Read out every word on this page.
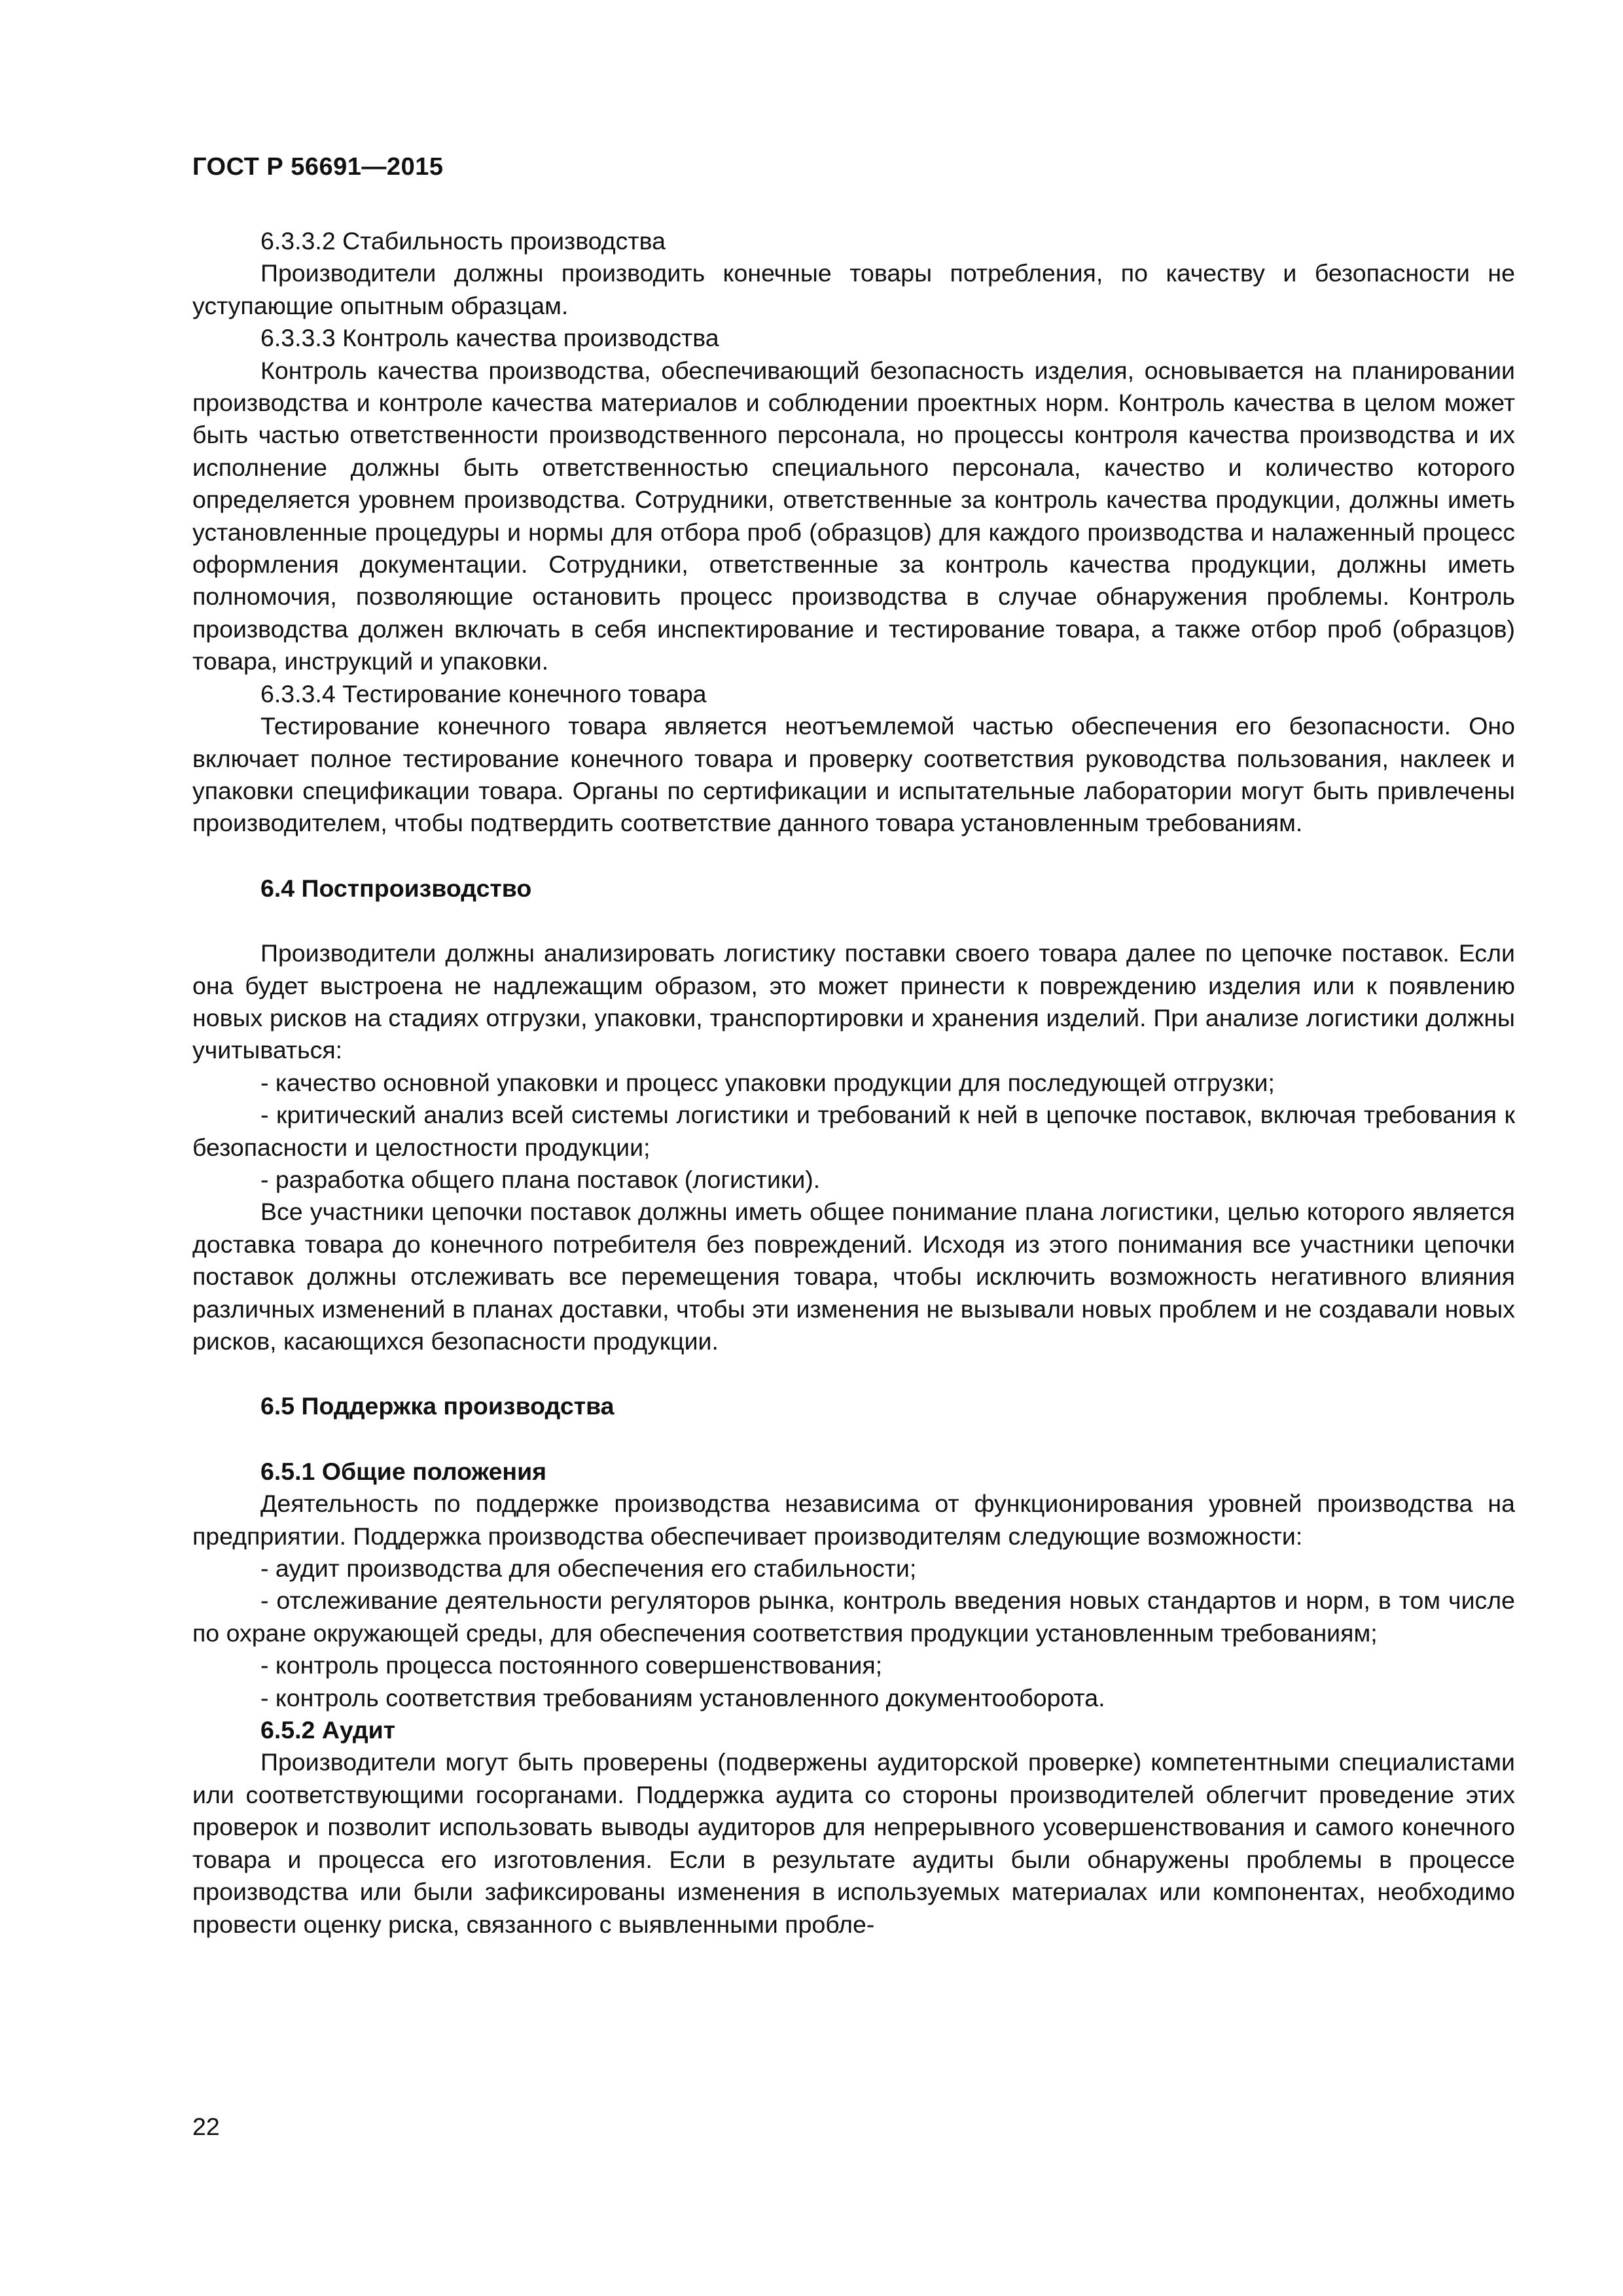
ГОСТ Р 56691—2015

6.3.3.2 Стабильность производства

Производители должны производить конечные товары потребления, по качеству и безопасности не уступающие опытным образцам.

6.3.3.3 Контроль качества производства

Контроль качества производства, обеспечивающий безопасность изделия, основывается на планировании производства и контроле качества материалов и соблюдении проектных норм. Контроль качества в целом может быть частью ответственности производственного персонала, но процессы контроля качества производства и их исполнение должны быть ответственностью специального персонала, качество и количество которого определяется уровнем производства. Сотрудники, ответственные за контроль качества продукции, должны иметь установленные процедуры и нормы для отбора проб (образцов) для каждого производства и налаженный процесс оформления документации. Сотрудники, ответственные за контроль качества продукции, должны иметь полномочия, позволяющие остановить процесс производства в случае обнаружения проблемы. Контроль производства должен включать в себя инспектирование и тестирование товара, а также отбор проб (образцов) товара, инструкций и упаковки.

6.3.3.4 Тестирование конечного товара

Тестирование конечного товара является неотъемлемой частью обеспечения его безопасности. Оно включает полное тестирование конечного товара и проверку соответствия руководства пользования, наклеек и упаковки спецификации товара. Органы по сертификации и испытательные лаборатории могут быть привлечены производителем, чтобы подтвердить соответствие данного товара установленным требованиям.

6.4 Постпроизводство

Производители должны анализировать логистику поставки своего товара далее по цепочке поставок. Если она будет выстроена не надлежащим образом, это может принести к повреждению изделия или к появлению новых рисков на стадиях отгрузки, упаковки, транспортировки и хранения изделий. При анализе логистики должны учитываться:

- качество основной упаковки и процесс упаковки продукции для последующей отгрузки;

- критический анализ всей системы логистики и требований к ней в цепочке поставок, включая требования к безопасности и целостности продукции;

- разработка общего плана поставок (логистики).

Все участники цепочки поставок должны иметь общее понимание плана логистики, целью которого является доставка товара до конечного потребителя без повреждений. Исходя из этого понимания все участники цепочки поставок должны отслеживать все перемещения товара, чтобы исключить возможность негативного влияния различных изменений в планах доставки, чтобы эти изменения не вызывали новых проблем и не создавали новых рисков, касающихся безопасности продукции.

6.5 Поддержка производства

6.5.1 Общие положения

Деятельность по поддержке производства независима от функционирования уровней производства на предприятии. Поддержка производства обеспечивает производителям следующие возможности:

- аудит производства для обеспечения его стабильности;

- отслеживание деятельности регуляторов рынка, контроль введения новых стандартов и норм, в том числе по охране окружающей среды, для обеспечения соответствия продукции установленным требованиям;

- контроль процесса постоянного совершенствования;

- контроль соответствия требованиям установленного документооборота.

6.5.2 Аудит

Производители могут быть проверены (подвержены аудиторской проверке) компетентными специалистами или соответствующими госорганами. Поддержка аудита со стороны производителей облегчит проведение этих проверок и позволит использовать выводы аудиторов для непрерывного усовершенствования и самого конечного товара и процесса его изготовления. Если в результате аудиты были обнаружены проблемы в процессе производства или были зафиксированы изменения в используемых материалах или компонентах, необходимо провести оценку риска, связанного с выявленными пробле-

22
